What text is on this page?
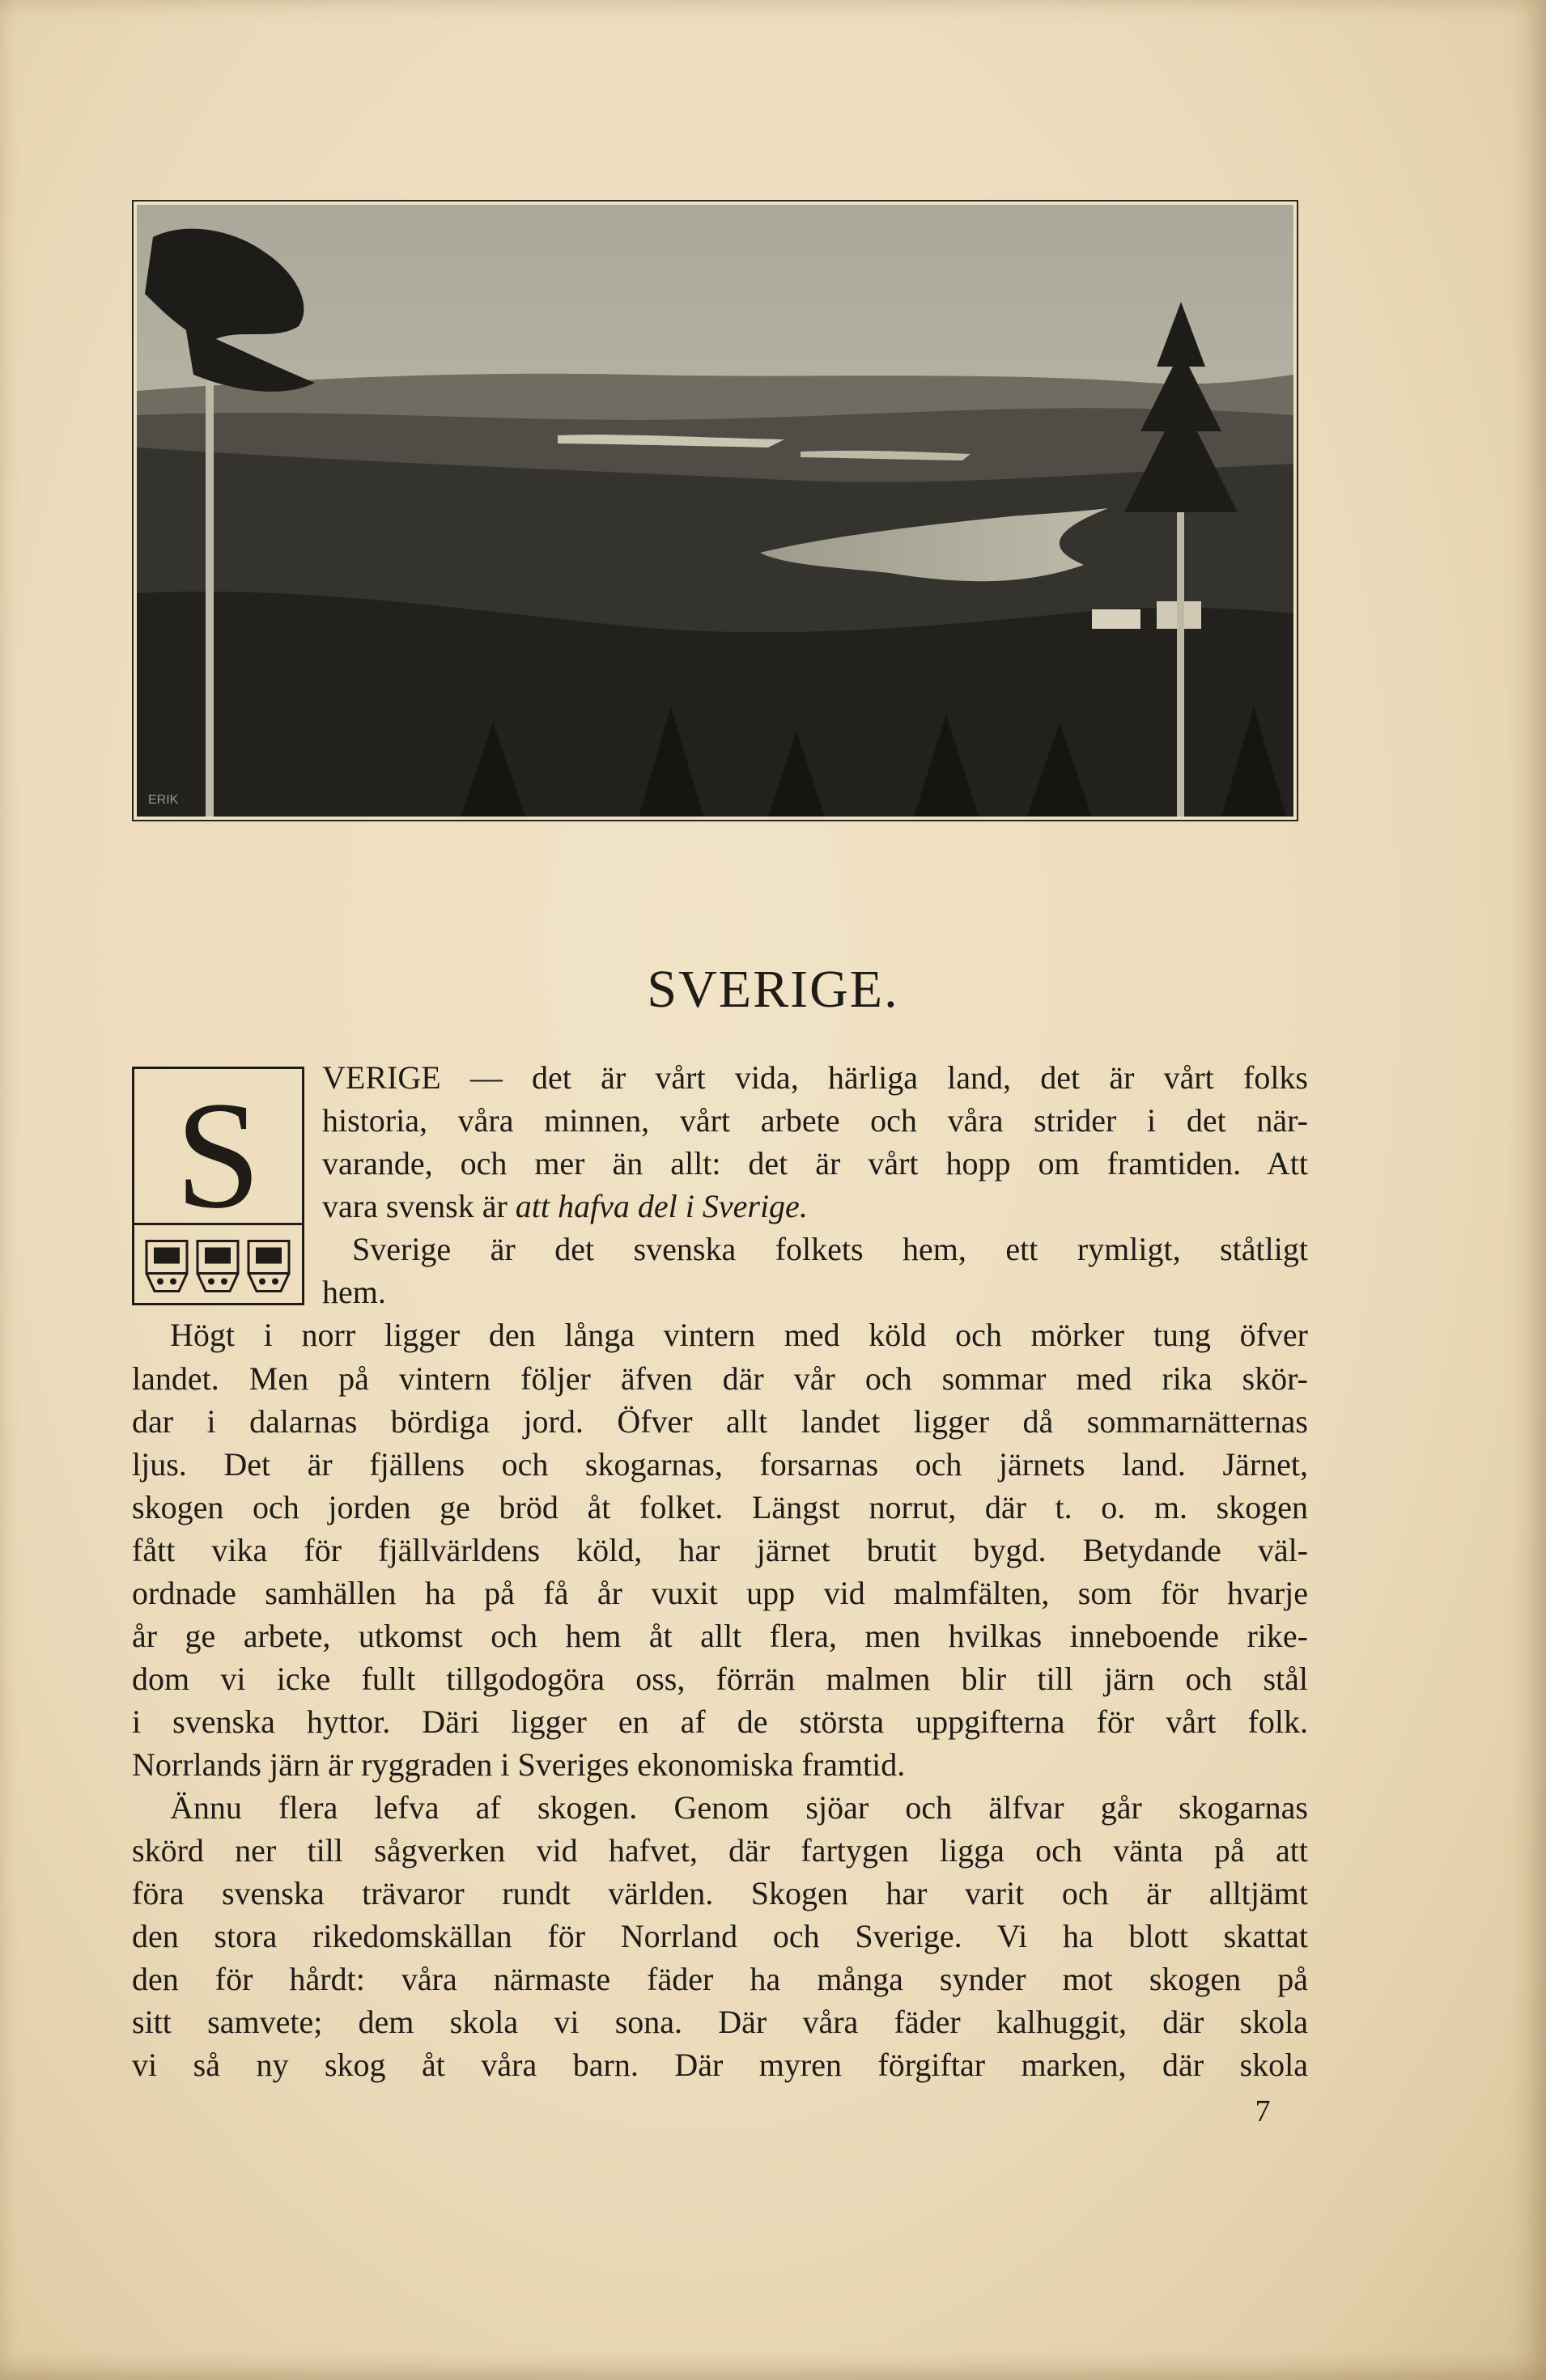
ERIK
SVERIGE.
S	VERIGE — det är vårt vida, härliga land, det är vårt folks
historia, våra minnen, vårt arbete och våra strider i det när-
varande, och mer än allt: det är vårt hopp om framtiden. Att
vara svensk är att hafva del i Sverige.
Sverige är det svenska folkets hem, ett rymligt, ståtligt
hem.
Högt i norr ligger den långa vintern med köld och mörker tung öfver
landet. Men på vintern följer äfven där vår och sommar med rika skör-
dar i dalarnas bördiga jord. Öfver allt landet ligger då sommarnätternas
ljus. Det är fjällens och skogarnas, forsarnas och järnets land. Järnet,
skogen och jorden ge bröd åt folket. Längst norrut, där t. o. m. skogen
fått vika för fjällvärldens köld, har järnet brutit bygd. Betydande väl-
ordnade samhällen ha på få år vuxit upp vid malmfälten, som för hvarje
år ge arbete, utkomst och hem åt allt flera, men hvilkas inneboende rike-
dom vi icke fullt tillgodogöra oss, förrän malmen blir till järn och stål
i svenska hyttor. Däri ligger en af de största uppgifterna för vårt folk.
Norrlands järn är ryggraden i Sveriges ekonomiska framtid.
Ännu flera lefva af skogen. Genom sjöar och älfvar går skogarnas
skörd ner till sågverken vid hafvet, där fartygen ligga och vänta på att
föra svenska trävaror rundt världen. Skogen har varit och är alltjämt
den stora rikedomskällan för Norrland och Sverige. Vi ha blott skattat
den för hårdt: våra närmaste fäder ha många synder mot skogen på
sitt samvete; dem skola vi sona. Där våra fäder kalhuggit, där skola
vi så ny skog åt våra barn. Där myren förgiftar marken, där skola
7
